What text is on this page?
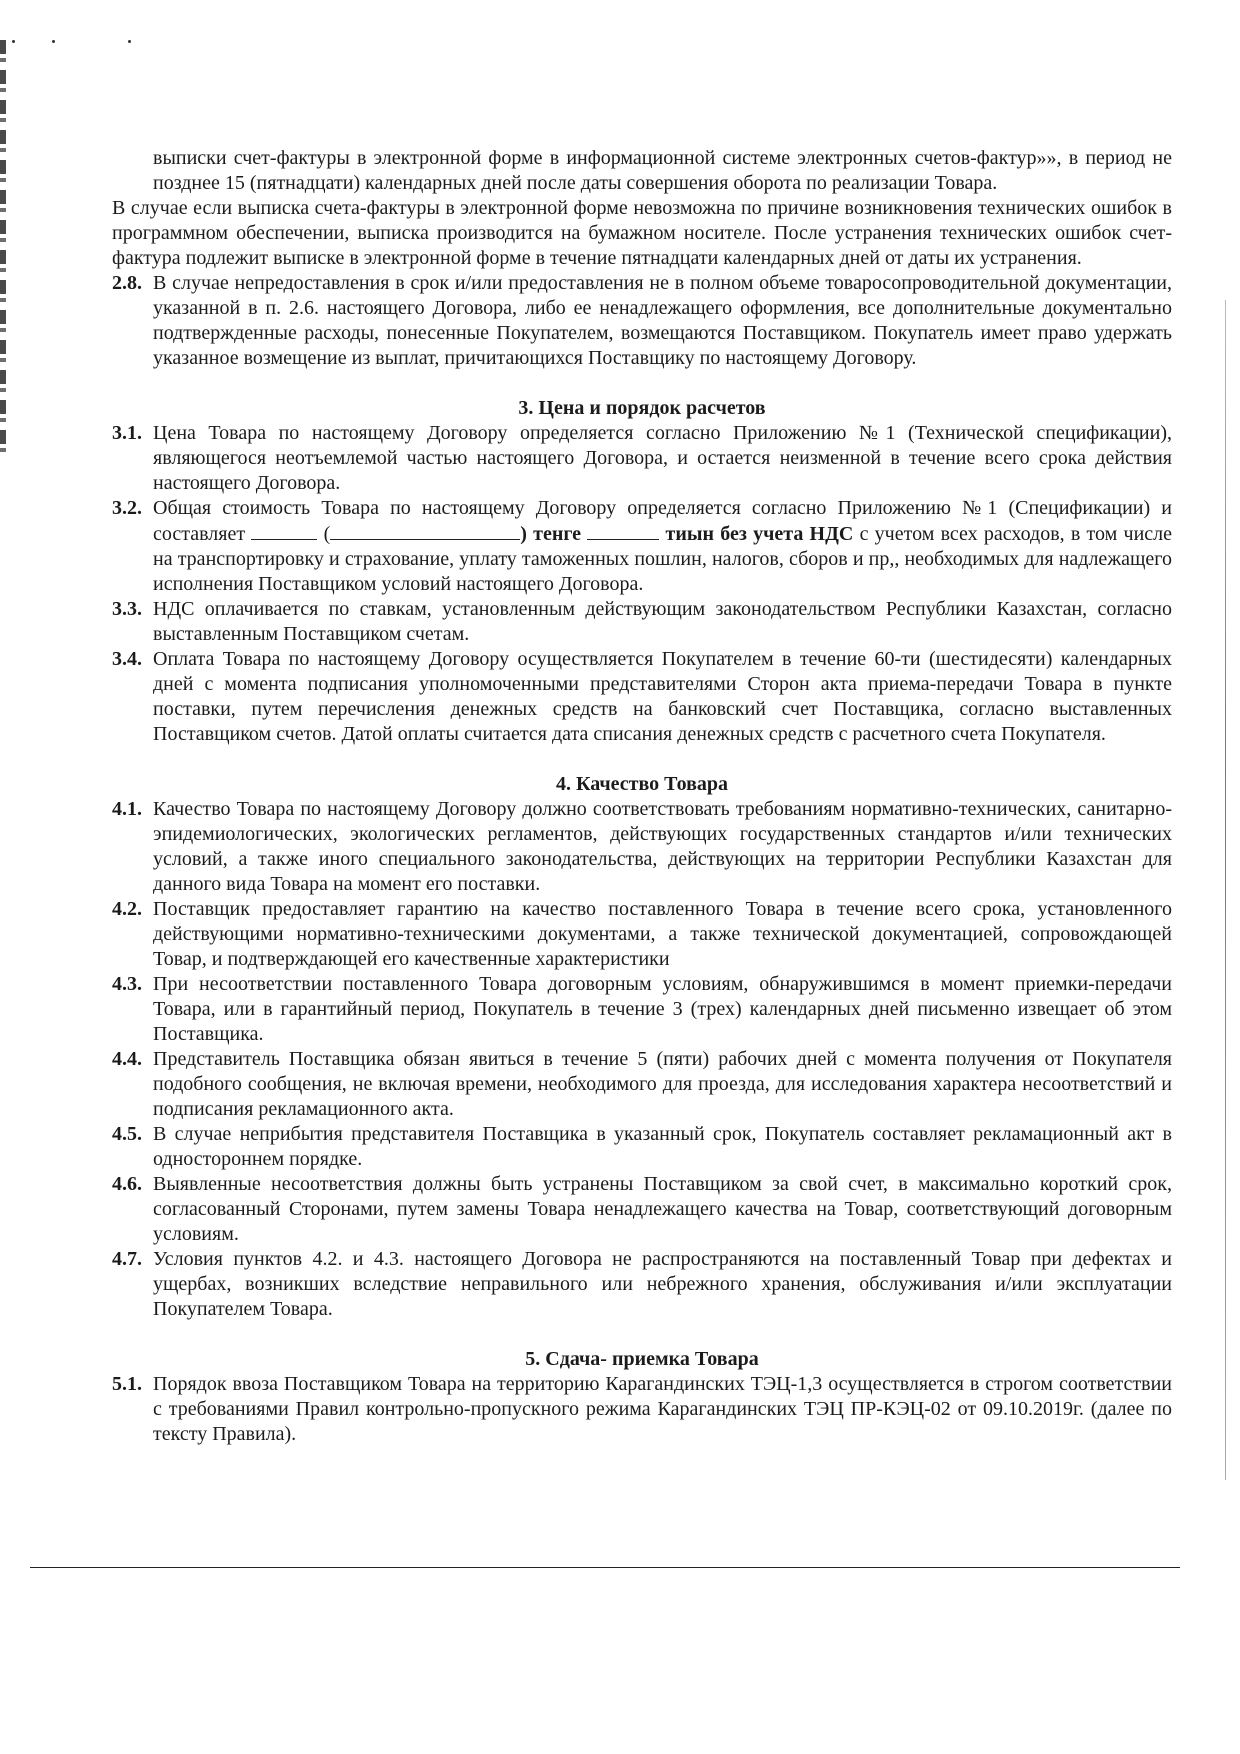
выписки счет-фактуры в электронной форме в информационной системе электронных счетов-фактур»», в период не позднее 15 (пятнадцати) календарных дней после даты совершения оборота по реализации Товара.

В случае если выписка счета-фактуры в электронной форме невозможна по причине возникновения технических ошибок в программном обеспечении, выписка производится на бумажном носителе. После устранения технических ошибок счет-фактура подлежит выписке в электронной форме в течение пятнадцати календарных дней от даты их устранения.

2.8. В случае непредоставления в срок и/или предоставления не в полном объеме товаросопроводительной документации, указанной в п. 2.6. настоящего Договора, либо ее ненадлежащего оформления, все дополнительные документально подтвержденные расходы, понесенные Покупателем, возмещаются Поставщиком. Покупатель имеет право удержать указанное возмещение из выплат, причитающихся Поставщику по настоящему Договору.

3. Цена и порядок расчетов

3.1. Цена Товара по настоящему Договору определяется согласно Приложению №1 (Технической спецификации), являющегося неотъемлемой частью настоящего Договора, и остается неизменной в течение всего срока действия настоящего Договора.
3.2. Общая стоимость Товара по настоящему Договору определяется согласно Приложению №1 (Спецификации) и составляет	(	) тенге	тиын без учета НДС с учетом всех расходов, в том числе на транспортировку и страхование, уплату таможенных пошлин, налогов, сборов и пр,, необходимых для надлежащего исполнения Поставщиком условий настоящего Договора.
3.3. НДС оплачивается по ставкам, установленным действующим законодательством Республики Казахстан, согласно выставленным Поставщиком счетам.
3.4. Оплата Товара по настоящему Договору осуществляется Покупателем в течение 60-ти (шестидесяти) календарных дней с момента подписания уполномоченными представителями Сторон акта приема-передачи Товара в пункте поставки, путем перечисления денежных средств на банковский счет Поставщика, согласно выставленных Поставщиком счетов. Датой оплаты считается дата списания денежных средств с расчетного счета Покупателя.

4. Качество Товара

4.1. Качество Товара по настоящему Договору должно соответствовать требованиям нормативно-технических, санитарно-эпидемиологических, экологических регламентов, действующих государственных стандартов и/или технических условий, а также иного специального законодательства, действующих на территории Республики Казахстан для данного вида Товара на момент его поставки.
4.2. Поставщик предоставляет гарантию на качество поставленного Товара в течение всего срока, установленного действующими нормативно-техническими документами, а также технической документацией, сопровождающей Товар, и подтверждающей его качественные характеристики
4.3. При несоответствии поставленного Товара договорным условиям, обнаружившимся в момент приемки-передачи Товара, или в гарантийный период, Покупатель в течение 3 (трех) календарных дней письменно извещает об этом Поставщика.
4.4. Представитель Поставщика обязан явиться в течение 5 (пяти) рабочих дней с момента получения от Покупателя подобного сообщения, не включая времени, необходимого для проезда, для исследования характера несоответствий и подписания рекламационного акта.
4.5. В случае неприбытия представителя Поставщика в указанный срок, Покупатель составляет рекламационный акт в одностороннем порядке.
4.6. Выявленные несоответствия должны быть устранены Поставщиком за свой счет, в максимально короткий срок, согласованный Сторонами, путем замены Товара ненадлежащего качества на Товар, соответствующий договорным условиям.
4.7. Условия пунктов 4.2. и 4.3. настоящего Договора не распространяются на поставленный Товар при дефектах и ущербах, возникших вследствие неправильного или небрежного хранения, обслуживания и/или эксплуатации Покупателем Товара.

5. Сдача- приемка Товара

5.1. Порядок ввоза Поставщиком Товара на территорию Карагандинских ТЭЦ-1,3 осуществляется в строгом соответствии с требованиями Правил контрольно-пропускного режима Карагандинских ТЭЦ ПР-КЭЦ-02 от 09.10.2019г. (далее по тексту Правила).
